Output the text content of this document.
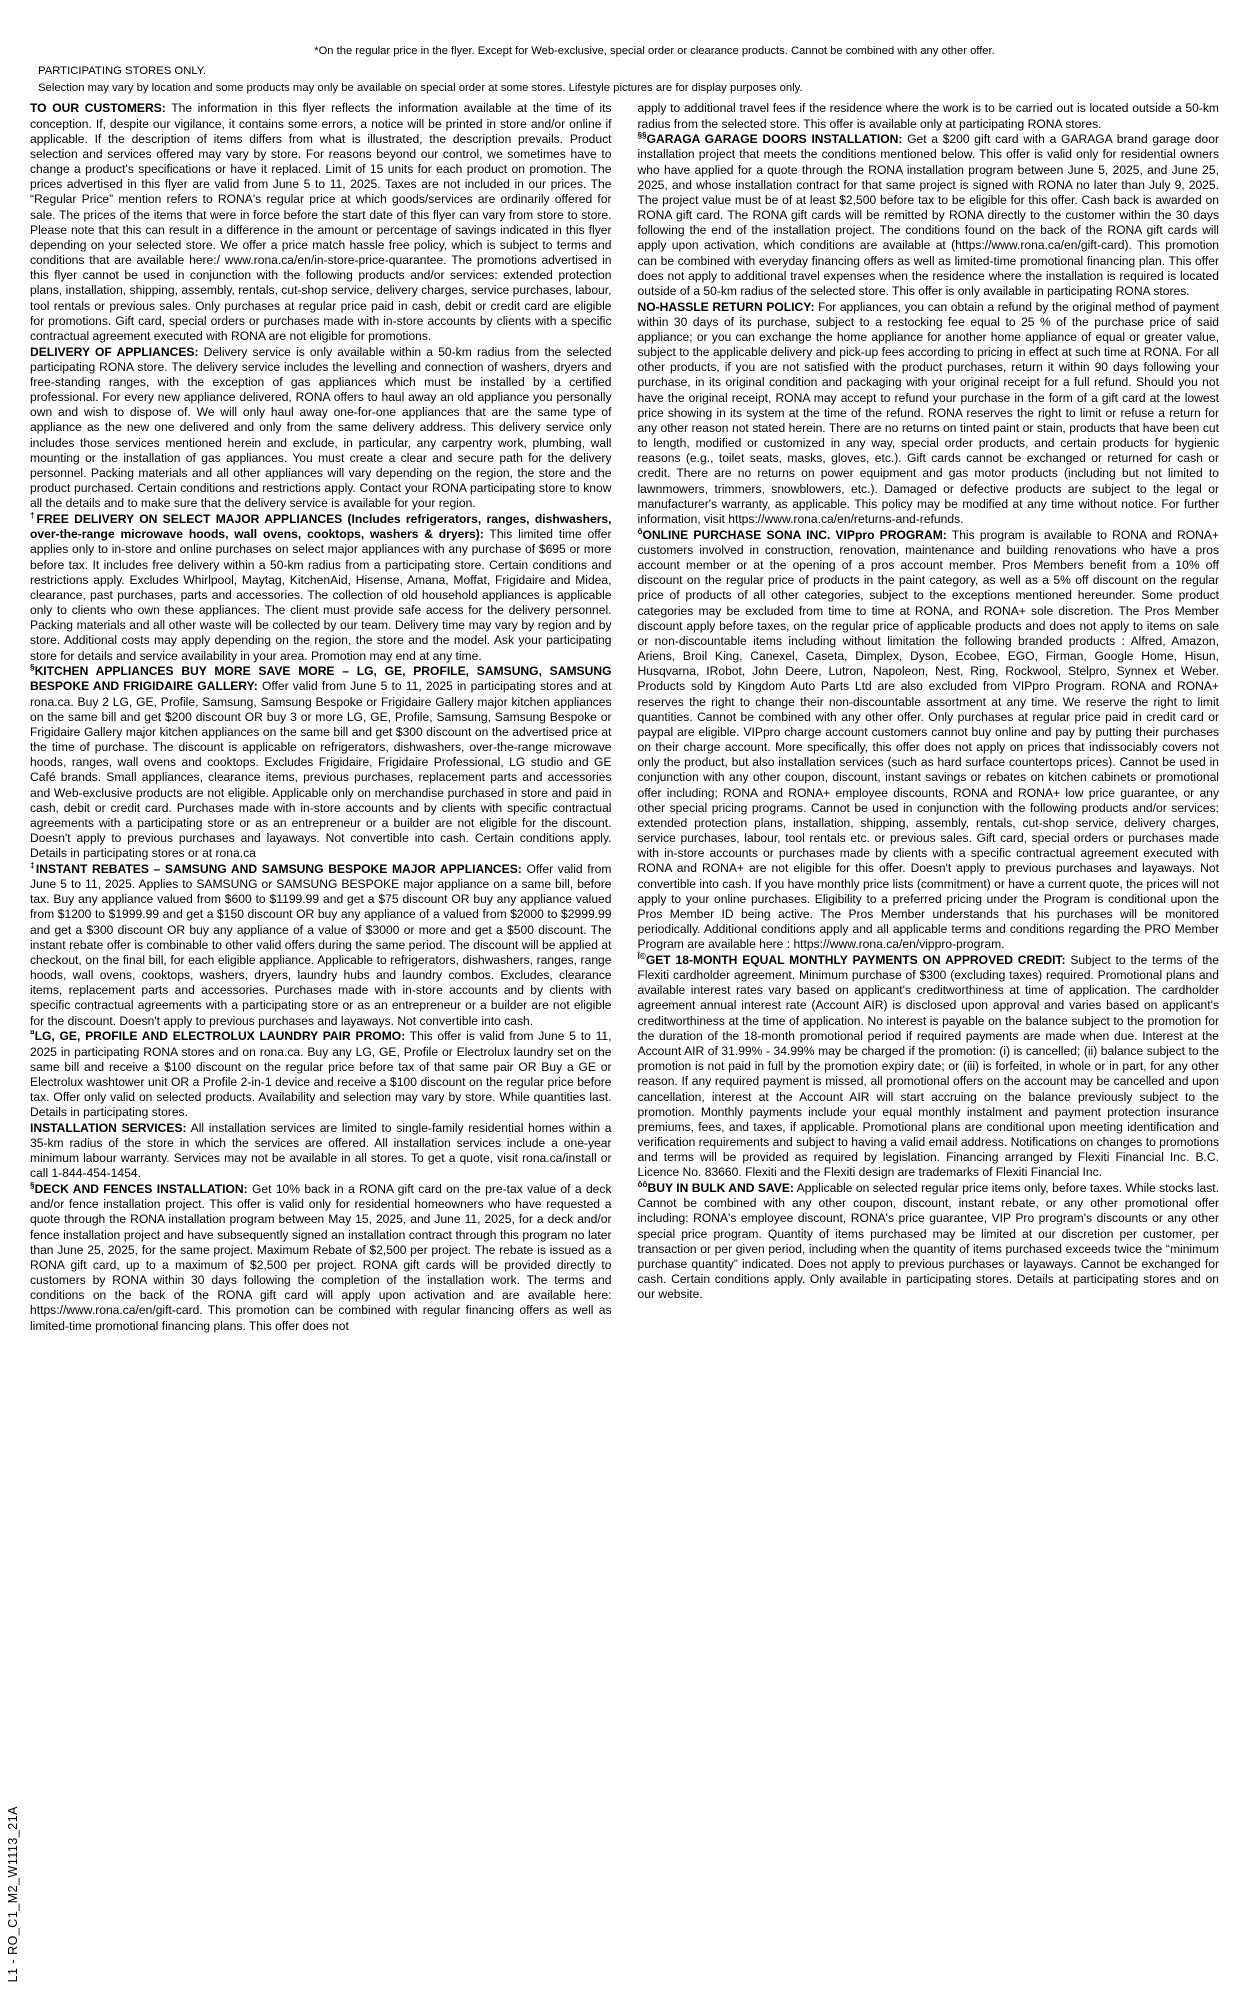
*On the regular price in the flyer. Except for Web-exclusive, special order or clearance products. Cannot be combined with any other offer.
PARTICIPATING STORES ONLY.
Selection may vary by location and some products may only be available on special order at some stores. Lifestyle pictures are for display purposes only.

TO OUR CUSTOMERS: The information in this flyer reflects the information available at the time of its conception. If, despite our vigilance, it contains some errors, a notice will be printed in store and/or online if applicable. If the description of items differs from what is illustrated, the description prevails. Product selection and services offered may vary by store. For reasons beyond our control, we sometimes have to change a product's specifications or have it replaced. Limit of 15 units for each product on promotion. The prices advertised in this flyer are valid from June 5 to 11, 2025. Taxes are not included in our prices. The “Regular Price” mention refers to RONA's regular price at which goods/services are ordinarily offered for sale. The prices of the items that were in force before the start date of this flyer can vary from store to store. Please note that this can result in a difference in the amount or percentage of savings indicated in this flyer depending on your selected store. We offer a price match hassle free policy, which is subject to terms and conditions that are available here:/ www.rona.ca/en/in-store-price-quarantee. The promotions advertised in this flyer cannot be used in conjunction with the following products and/or services: extended protection plans, installation, shipping, assembly, rentals, cut-shop service, delivery charges, service purchases, labour, tool rentals or previous sales. Only purchases at regular price paid in cash, debit or credit card are eligible for promotions. Gift card, special orders or purchases made with in-store accounts by clients with a specific contractual agreement executed with RONA are not eligible for promotions.

DELIVERY OF APPLIANCES: Delivery service is only available within a 50-km radius from the selected participating RONA store. The delivery service includes the levelling and connection of washers, dryers and free-standing ranges, with the exception of gas appliances which must be installed by a certified professional. For every new appliance delivered, RONA offers to haul away an old appliance you personally own and wish to dispose of. We will only haul away one-for-one appliances that are the same type of appliance as the new one delivered and only from the same delivery address. This delivery service only includes those services mentioned herein and exclude, in particular, any carpentry work, plumbing, wall mounting or the installation of gas appliances. You must create a clear and secure path for the delivery personnel. Packing materials and all other appliances will vary depending on the region, the store and the product purchased. Certain conditions and restrictions apply. Contact your RONA participating store to know all the details and to make sure that the delivery service is available for your region.

†FREE DELIVERY ON SELECT MAJOR APPLIANCES (Includes refrigerators, ranges, dishwashers, over-the-range microwave hoods, wall ovens, cooktops, washers & dryers): This limited time offer applies only to in-store and online purchases on select major appliances with any purchase of $695 or more before tax. It includes free delivery within a 50-km radius from a participating store. Certain conditions and restrictions apply. Excludes Whirlpool, Maytag, KitchenAid, Hisense, Amana, Moffat, Frigidaire and Midea, clearance, past purchases, parts and accessories. The collection of old household appliances is applicable only to clients who own these appliances. The client must provide safe access for the delivery personnel. Packing materials and all other waste will be collected by our team. Delivery time may vary by region and by store. Additional costs may apply depending on the region, the store and the model. Ask your participating store for details and service availability in your area. Promotion may end at any time.

§KITCHEN APPLIANCES BUY MORE SAVE MORE – LG, GE, PROFILE, SAMSUNG, SAMSUNG BESPOKE AND FRIGIDAIRE GALLERY: Offer valid from June 5 to 11, 2025 in participating stores and at rona.ca. Buy 2 LG, GE, Profile, Samsung, Samsung Bespoke or Frigidaire Gallery major kitchen appliances on the same bill and get $200 discount OR buy 3 or more LG, GE, Profile, Samsung, Samsung Bespoke or Frigidaire Gallery major kitchen appliances on the same bill and get $300 discount on the advertised price at the time of purchase. The discount is applicable on refrigerators, dishwashers, over-the-range microwave hoods, ranges, wall ovens and cooktops. Excludes Frigidaire, Frigidaire Professional, LG studio and GE Café brands. Small appliances, clearance items, previous purchases, replacement parts and accessories and Web-exclusive products are not eligible. Applicable only on merchandise purchased in store and paid in cash, debit or credit card. Purchases made with in-store accounts and by clients with specific contractual agreements with a participating store or as an entrepreneur or a builder are not eligible for the discount. Doesn't apply to previous purchases and layaways. Not convertible into cash. Certain conditions apply. Details in participating stores or at rona.ca

‡INSTANT REBATES – SAMSUNG AND SAMSUNG BESPOKE MAJOR APPLIANCES: Offer valid from June 5 to 11, 2025. Applies to SAMSUNG or SAMSUNG BESPOKE major appliance on a same bill, before tax. Buy any appliance valued from $600 to $1199.99 and get a $75 discount OR buy any appliance valued from $1200 to $1999.99 and get a $150 discount OR buy any appliance of a valued from $2000 to $2999.99 and get a $300 discount OR buy any appliance of a value of $3000 or more and get a $500 discount. The instant rebate offer is combinable to other valid offers during the same period. The discount will be applied at checkout, on the final bill, for each eligible appliance. Applicable to refrigerators, dishwashers, ranges, range hoods, wall ovens, cooktops, washers, dryers, laundry hubs and laundry combos. Excludes, clearance items, replacement parts and accessories. Purchases made with in-store accounts and by clients with specific contractual agreements with a participating store or as an entrepreneur or a builder are not eligible for the discount. Doesn't apply to previous purchases and layaways. Not convertible into cash.

¤LG, GE, PROFILE AND ELECTROLUX LAUNDRY PAIR PROMO: This offer is valid from June 5 to 11, 2025 in participating RONA stores and on rona.ca. Buy any LG, GE, Profile or Electrolux laundry set on the same bill and receive a $100 discount on the regular price before tax of that same pair OR Buy a GE or Electrolux washtower unit OR a Profile 2-in-1 device and receive a $100 discount on the regular price before tax. Offer only valid on selected products. Availability and selection may vary by store. While quantities last. Details in participating stores.

INSTALLATION SERVICES: All installation services are limited to single-family residential homes within a 35-km radius of the store in which the services are offered. All installation services include a one-year minimum labour warranty. Services may not be available in all stores. To get a quote, visit rona.ca/install or call 1-844-454-1454.

§DECK AND FENCES INSTALLATION: Get 10% back in a RONA gift card on the pre-tax value of a deck and/or fence installation project. This offer is valid only for residential homeowners who have requested a quote through the RONA installation program between May 15, 2025, and June 11, 2025, for a deck and/or fence installation project and have subsequently signed an installation contract through this program no later than June 25, 2025, for the same project. Maximum Rebate of $2,500 per project. The rebate is issued as a RONA gift card, up to a maximum of $2,500 per project. RONA gift cards will be provided directly to customers by RONA within 30 days following the completion of the installation work. The terms and conditions on the back of the RONA gift card will apply upon activation and are available here: https://www.rona.ca/en/gift-card. This promotion can be combined with regular financing offers as well as limited-time promotional financing plans. This offer does not

apply to additional travel fees if the residence where the work is to be carried out is located outside a 50-km radius from the selected store. This offer is available only at participating RONA stores.

§§GARAGA GARAGE DOORS INSTALLATION: Get a $200 gift card with a GARAGA brand garage door installation project that meets the conditions mentioned below. This offer is valid only for residential owners who have applied for a quote through the RONA installation program between June 5, 2025, and June 25, 2025, and whose installation contract for that same project is signed with RONA no later than July 9, 2025. The project value must be of at least $2,500 before tax to be eligible for this offer. Cash back is awarded on RONA gift card. The RONA gift cards will be remitted by RONA directly to the customer within the 30 days following the end of the installation project. The conditions found on the back of the RONA gift cards will apply upon activation, which conditions are available at (https://www.rona.ca/en/gift-card). This promotion can be combined with everyday financing offers as well as limited-time promotional financing plan. This offer does not apply to additional travel expenses when the residence where the installation is required is located outside of a 50-km radius of the selected store. This offer is only available in participating RONA stores.

NO-HASSLE RETURN POLICY: For appliances, you can obtain a refund by the original method of payment within 30 days of its purchase, subject to a restocking fee equal to 25 % of the purchase price of said appliance; or you can exchange the home appliance for another home appliance of equal or greater value, subject to the applicable delivery and pick-up fees according to pricing in effect at such time at RONA. For all other products, if you are not satisfied with the product purchases, return it within 90 days following your purchase, in its original condition and packaging with your original receipt for a full refund. Should you not have the original receipt, RONA may accept to refund your purchase in the form of a gift card at the lowest price showing in its system at the time of the refund. RONA reserves the right to limit or refuse a return for any other reason not stated herein. There are no returns on tinted paint or stain, products that have been cut to length, modified or customized in any way, special order products, and certain products for hygienic reasons (e.g., toilet seats, masks, gloves, etc.). Gift cards cannot be exchanged or returned for cash or credit. There are no returns on power equipment and gas motor products (including but not limited to lawnmowers, trimmers, snowblowers, etc.). Damaged or defective products are subject to the legal or manufacturer's warranty, as applicable. This policy may be modified at any time without notice. For further information, visit https://www.rona.ca/en/returns-and-refunds.

$^ô$ONLINE PURCHASE SONA INC. VIPpro PROGRAM: This program is available to RONA and RONA+ customers involved in construction, renovation, maintenance and building renovations who have a pros account member or at the opening of a pros account member. Pros Members benefit from a 10% off discount on the regular price of products in the paint category, as well as a 5% off discount on the regular price of products of all other categories, subject to the exceptions mentioned hereunder. Some product categories may be excluded from time to time at RONA, and RONA+ sole discretion. The Pros Member discount apply before taxes, on the regular price of applicable products and does not apply to items on sale or non-discountable items including without limitation the following branded products : Alfred, Amazon, Ariens, Broil King, Canexel, Caseta, Dimplex, Dyson, Ecobee, EGO, Firman, Google Home, Hisun, Husqvarna, IRobot, John Deere, Lutron, Napoleon, Nest, Ring, Rockwool, Stelpro, Synnex et Weber. Products sold by Kingdom Auto Parts Ltd are also excluded from VIPpro Program. RONA and RONA+ reserves the right to change their non-discountable assortment at any time. We reserve the right to limit quantities. Cannot be combined with any other offer. Only purchases at regular price paid in credit card or paypal are eligible. VIPpro charge account customers cannot buy online and pay by putting their purchases on their charge account. More specifically, this offer does not apply on prices that indissociably covers not only the product, but also installation services (such as hard surface countertops prices). Cannot be used in conjunction with any other coupon, discount, instant savings or rebates on kitchen cabinets or promotional offer including; RONA and RONA+ employee discounts, RONA and RONA+ low price guarantee, or any other special pricing programs. Cannot be used in conjunction with the following products and/or services: extended protection plans, installation, shipping, assembly, rentals, cut-shop service, delivery charges, service purchases, labour, tool rentals etc. or previous sales. Gift card, special orders or purchases made with in-store accounts or purchases made by clients with a specific contractual agreement executed with RONA and RONA+ are not eligible for this offer. Doesn't apply to previous purchases and layaways. Not convertible into cash. If you have monthly price lists (commitment) or have a current quote, the prices will not apply to your online purchases. Eligibility to a preferred pricing under the Program is conditional upon the Pros Member ID being active. The Pros Member understands that his purchases will be monitored periodically. Additional conditions apply and all applicable terms and conditions regarding the PRO Member Program are available here : https://www.rona.ca/en/vippro-program.

$^{Î©}$GET 18-MONTH EQUAL MONTHLY PAYMENTS ON APPROVED CREDIT: Subject to the terms of the Flexiti cardholder agreement. Minimum purchase of $300 (excluding taxes) required. Promotional plans and available interest rates vary based on applicant's creditworthiness at time of application. The cardholder agreement annual interest rate (Account AIR) is disclosed upon approval and varies based on applicant's creditworthiness at the time of application. No interest is payable on the balance subject to the promotion for the duration of the 18-month promotional period if required payments are made when due. Interest at the Account AIR of 31.99% - 34.99% may be charged if the promotion: (i) is cancelled; (ii) balance subject to the promotion is not paid in full by the promotion expiry date; or (iii) is forfeited, in whole or in part, for any other reason. If any required payment is missed, all promotional offers on the account may be cancelled and upon cancellation, interest at the Account AIR will start accruing on the balance previously subject to the promotion. Monthly payments include your equal monthly instalment and payment protection insurance premiums, fees, and taxes, if applicable. Promotional plans are conditional upon meeting identification and verification requirements and subject to having a valid email address. Notifications on changes to promotions and terms will be provided as required by legislation. Financing arranged by Flexiti Financial Inc. B.C. Licence No. 83660. Flexiti and the Flexiti design are trademarks of Flexiti Financial Inc.

$^{ôô}$BUY IN BULK AND SAVE: Applicable on selected regular price items only, before taxes. While stocks last. Cannot be combined with any other coupon, discount, instant rebate, or any other promotional offer including: RONA's employee discount, RONA's price guarantee, VIP Pro program's discounts or any other special price program. Quantity of items purchased may be limited at our discretion per customer, per transaction or per given period, including when the quantity of items purchased exceeds twice the “minimum purchase quantity” indicated. Does not apply to previous purchases or layaways. Cannot be exchanged for cash. Certain conditions apply. Only available in participating stores. Details at participating stores and on our website.

L1 - RO_C1_M2_W1113_21A
